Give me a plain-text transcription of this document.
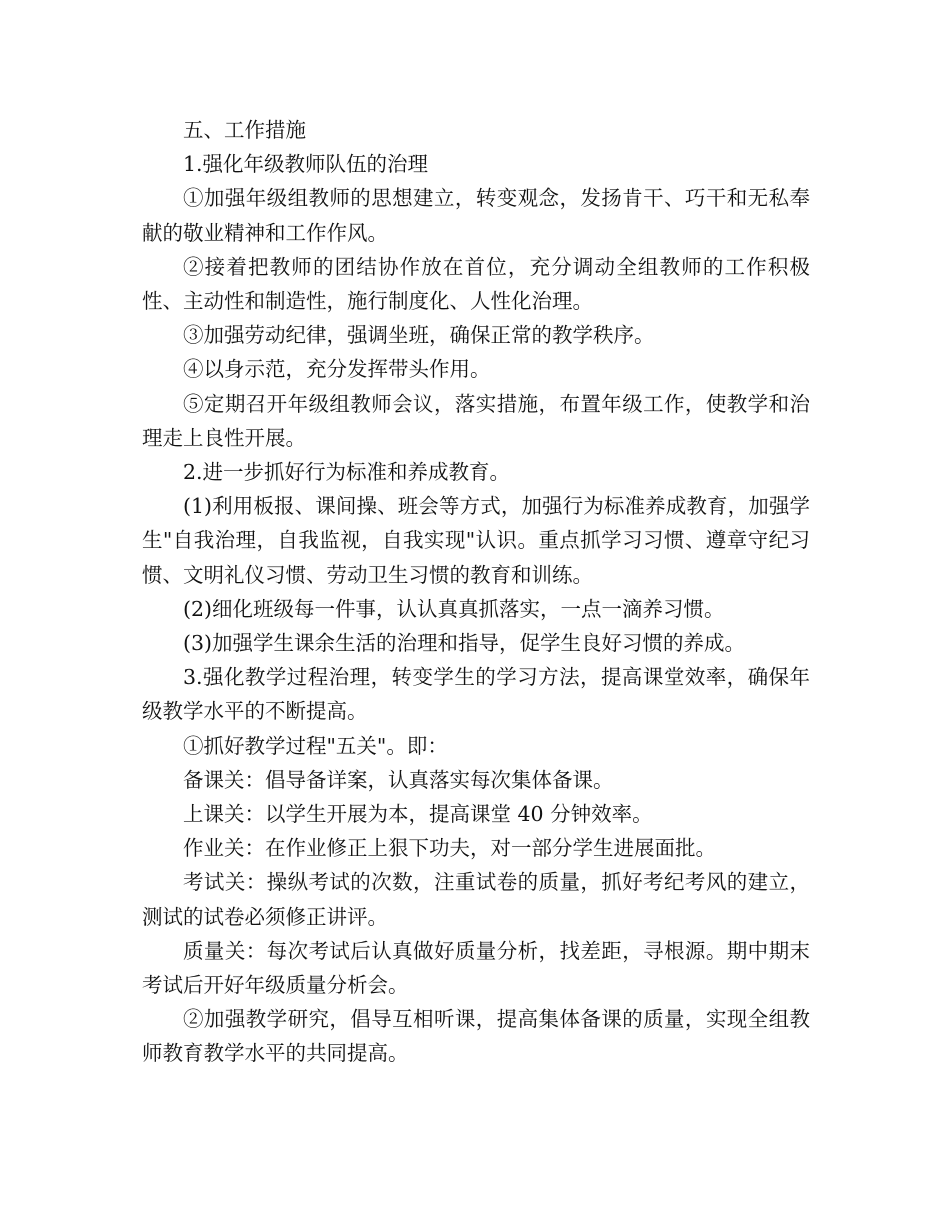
五、工作措施

1.强化年级教师队伍的治理

①加强年级组教师的思想建立，转变观念，发扬肯干、巧干和无私奉献的敬业精神和工作作风。

②接着把教师的团结协作放在首位，充分调动全组教师的工作积极性、主动性和制造性，施行制度化、人性化治理。

③加强劳动纪律，强调坐班，确保正常的教学秩序。

④以身示范，充分发挥带头作用。

⑤定期召开年级组教师会议，落实措施，布置年级工作，使教学和治理走上良性开展。

2.进一步抓好行为标准和养成教育。

(1)利用板报、课间操、班会等方式，加强行为标准养成教育，加强学生"自我治理，自我监视，自我实现"认识。重点抓学习习惯、遵章守纪习惯、文明礼仪习惯、劳动卫生习惯的教育和训练。

(2)细化班级每一件事，认认真真抓落实，一点一滴养习惯。

(3)加强学生课余生活的治理和指导，促学生良好习惯的养成。

3.强化教学过程治理，转变学生的学习方法，提高课堂效率，确保年级教学水平的不断提高。

①抓好教学过程"五关"。即：

备课关：倡导备详案，认真落实每次集体备课。

上课关：以学生开展为本，提高课堂 40 分钟效率。

作业关：在作业修正上狠下功夫，对一部分学生进展面批。

考试关：操纵考试的次数，注重试卷的质量，抓好考纪考风的建立，测试的试卷必须修正讲评。

质量关：每次考试后认真做好质量分析，找差距，寻根源。期中期末考试后开好年级质量分析会。

②加强教学研究，倡导互相听课，提高集体备课的质量，实现全组教师教育教学水平的共同提高。
